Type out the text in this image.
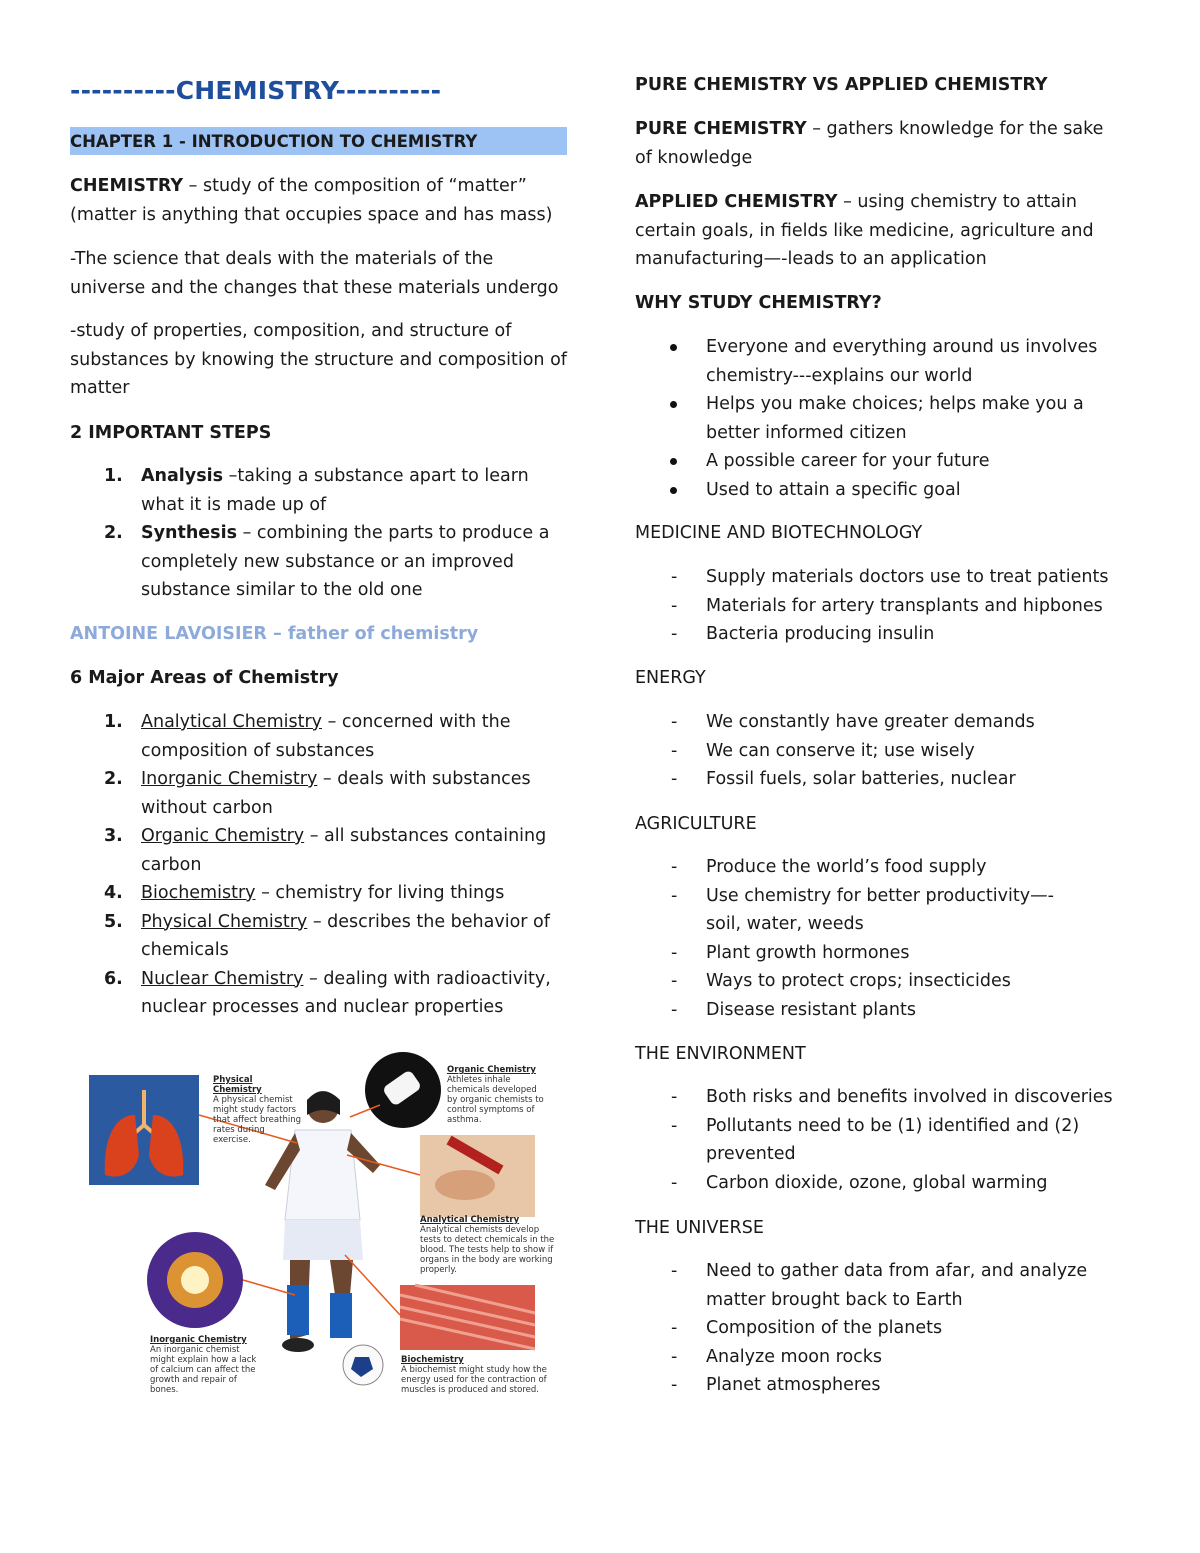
----------CHEMISTRY----------
CHAPTER 1 - INTRODUCTION TO CHEMISTRY

CHEMISTRY – study of the composition of “matter” (matter is anything that occupies space and has mass)

-The science that deals with the materials of the universe and the changes that these materials undergo

-study of properties, composition, and structure of substances by knowing the structure and composition of matter

2 IMPORTANT STEPS

1. Analysis –taking a substance apart to learn what it is made up of
2. Synthesis – combining the parts to produce a completely new substance or an improved substance similar to the old one

ANTOINE LAVOISIER – father of chemistry

6 Major Areas of Chemistry

1. Analytical Chemistry – concerned with the composition of substances
2. Inorganic Chemistry – deals with substances without carbon
3. Organic Chemistry – all substances containing carbon
4. Biochemistry – chemistry for living things
5. Physical Chemistry – describes the behavior of chemicals
6. Nuclear Chemistry – dealing with radioactivity, nuclear processes and nuclear properties
Physical Chemistry
A physical chemist might study factors that affect breathing rates during exercise.
Organic Chemistry
Athletes inhale chemicals developed by organic chemists to control symptoms of asthma.
Analytical Chemistry
Analytical chemists develop tests to detect chemicals in the blood. The tests help to show if organs in the body are working properly.
Inorganic Chemistry
An inorganic chemist might explain how a lack of calcium can affect the growth and repair of bones.
Biochemistry
A biochemist might study how the energy used for the contraction of muscles is produced and stored.

PURE CHEMISTRY VS APPLIED CHEMISTRY

PURE CHEMISTRY – gathers knowledge for the sake of knowledge

APPLIED CHEMISTRY – using chemistry to attain certain goals, in fields like medicine, agriculture and manufacturing—-leads to an application

WHY STUDY CHEMISTRY?

Everyone and everything around us involves chemistry---explains our world
Helps you make choices; helps make you a better informed citizen
A possible career for your future
Used to attain a specific goal

MEDICINE AND BIOTECHNOLOGY

- Supply materials doctors use to treat patients
- Materials for artery transplants and hipbones
- Bacteria producing insulin

ENERGY

- We constantly have greater demands
- We can conserve it; use wisely
- Fossil fuels, solar batteries, nuclear

AGRICULTURE

- Produce the world’s food supply
- Use chemistry for better productivity—-soil, water, weeds
- Plant growth hormones
- Ways to protect crops; insecticides
- Disease resistant plants

THE ENVIRONMENT

- Both risks and benefits involved in discoveries
- Pollutants need to be (1) identified and (2) prevented
- Carbon dioxide, ozone, global warming

THE UNIVERSE

- Need to gather data from afar, and analyze matter brought back to Earth
- Composition of the planets
- Analyze moon rocks
- Planet atmospheres
